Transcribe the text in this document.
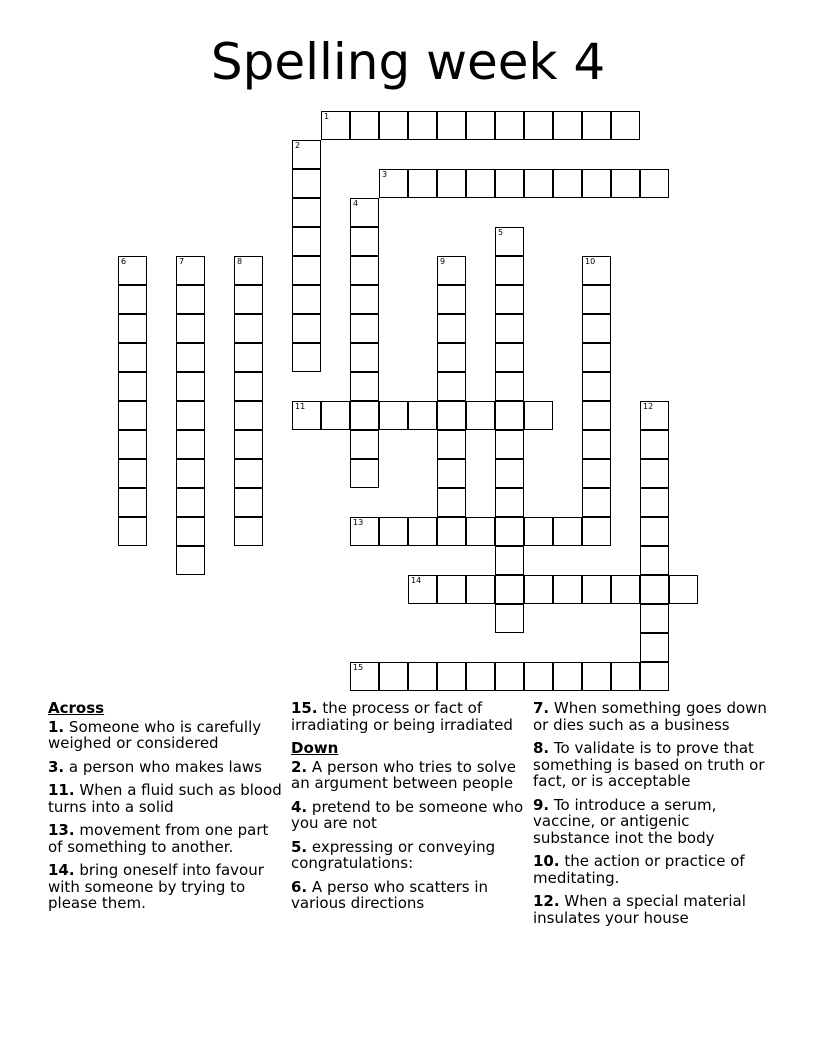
Spelling week 4
1
2
3
4
5
6	7	8	9	10
11	12
13
14
15
Across
1. Someone who is carefully weighed or considered
3. a person who makes laws
11. When a fluid such as blood turns into a solid
13. movement from one part of something to another.
14. bring oneself into favour with someone by trying to please them.
15. the process or fact of irradiating or being irradiated
Down
2. A person who tries to solve an argument between people
4. pretend to be someone who you are not
5. expressing or conveying congratulations:
6. A perso who scatters in various directions
7. When something goes down or dies such as a business
8. To validate is to prove that something is based on truth or fact, or is acceptable
9. To introduce a serum, vaccine, or antigenic substance inot the body
10. the action or practice of meditating.
12. When a special material insulates your house
